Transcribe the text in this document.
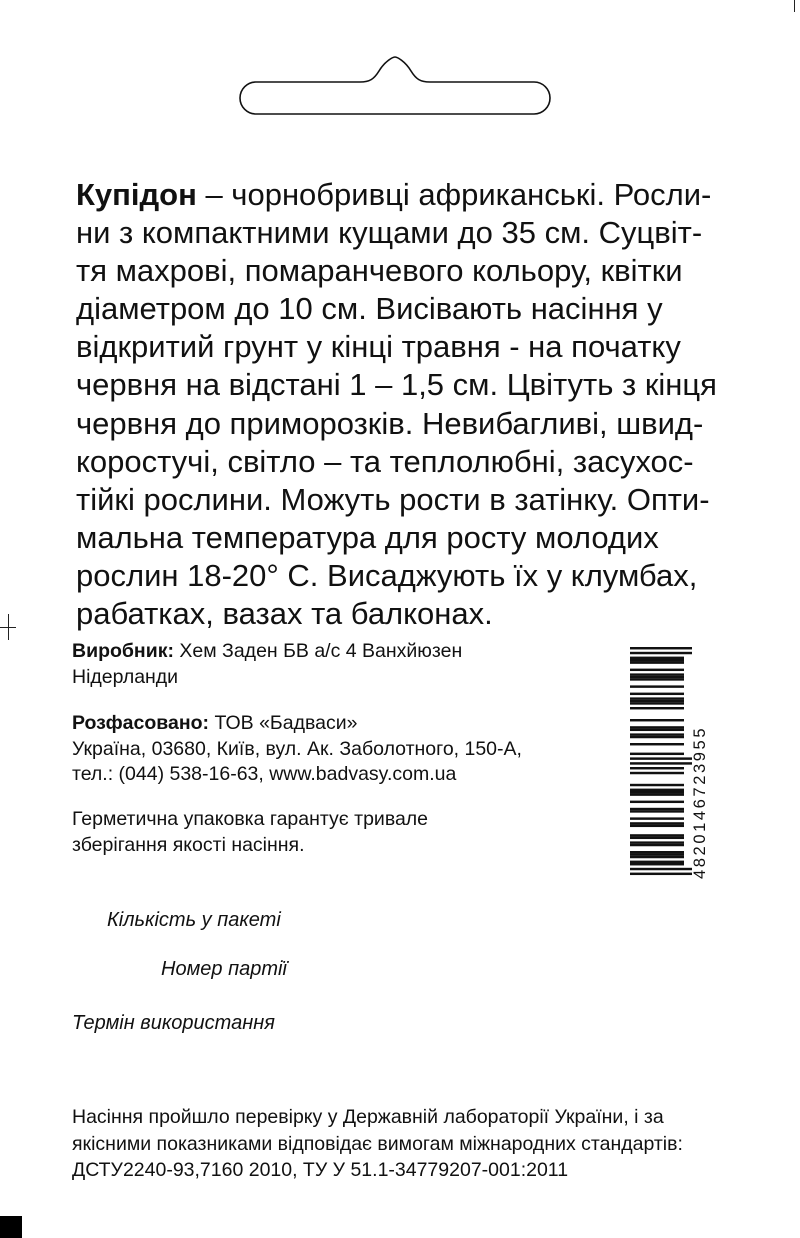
Купідон – чорнобривці африканські. Росли-
ни з компактними кущами до 35 см. Суцвіт-
тя махрові, помаранчевого кольору, квітки
діаметром до 10 см. Висівають насіння у
відкритий грунт у кінці травня - на початку
червня на відстані 1 – 1,5 см. Цвітуть з кінця
червня до приморозків. Невибагливі, швид-
коростучі, світло – та теплолюбні, засухос-
тійкі рослини. Можуть рости в затінку. Опти-
мальна температура для росту молодих
рослин 18-20° С. Висаджують їх у клумбах,
рабатках, вазах та балконах.
Виробник: Хем Заден БВ а/с 4 Ванхйюзен
Нідерланди
Розфасовано: ТОВ «Бадваси»
Україна, 03680, Київ, вул. Ак. Заболотного, 150-А,
тел.: (044) 538-16-63, www.badvasy.com.ua
Герметична упаковка гарантує тривале
зберігання якості насіння.	4820146723955
Кількість у пакеті
Номер партії
Термін використання
Насіння пройшло перевірку у Державній лабораторії України, і за
якісними показниками відповідає вимогам міжнародних стандартів:
ДСТУ2240-93,7160 2010, ТУ У 51.1-34779207-001:2011
